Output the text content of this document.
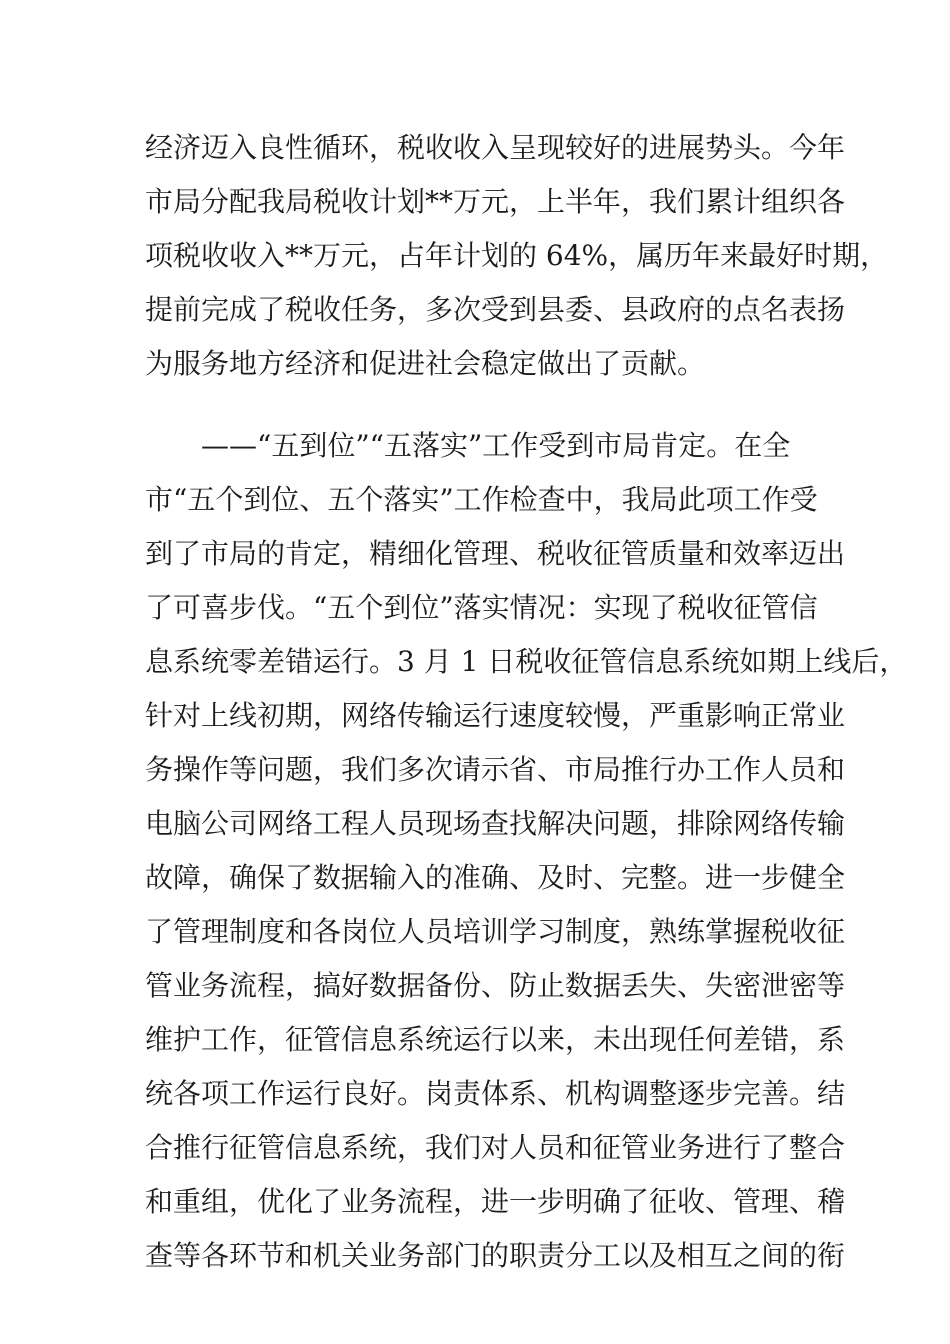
经济迈入良性循环，税收收入呈现较好的进展势头。今年
市局分配我局税收计划**万元，上半年，我们累计组织各
项税收收入**万元，占年计划的 64%，属历年来最好时期，
提前完成了税收任务，多次受到县委、县政府的点名表扬
为服务地方经济和促进社会稳定做出了贡献。
　　——“五到位”“五落实”工作受到市局肯定。在全
市“五个到位、五个落实”工作检查中，我局此项工作受
到了市局的肯定，精细化管理、税收征管质量和效率迈出
了可喜步伐。“五个到位”落实情况：实现了税收征管信
息系统零差错运行。3 月 1 日税收征管信息系统如期上线后，
针对上线初期，网络传输运行速度较慢，严重影响正常业
务操作等问题，我们多次请示省、市局推行办工作人员和
电脑公司网络工程人员现场查找解决问题，排除网络传输
故障，确保了数据输入的准确、及时、完整。进一步健全
了管理制度和各岗位人员培训学习制度，熟练掌握税收征
管业务流程，搞好数据备份、防止数据丢失、失密泄密等
维护工作，征管信息系统运行以来，未出现任何差错，系
统各项工作运行良好。岗责体系、机构调整逐步完善。结
合推行征管信息系统，我们对人员和征管业务进行了整合
和重组，优化了业务流程，进一步明确了征收、管理、稽
查等各环节和机关业务部门的职责分工以及相互之间的衔
